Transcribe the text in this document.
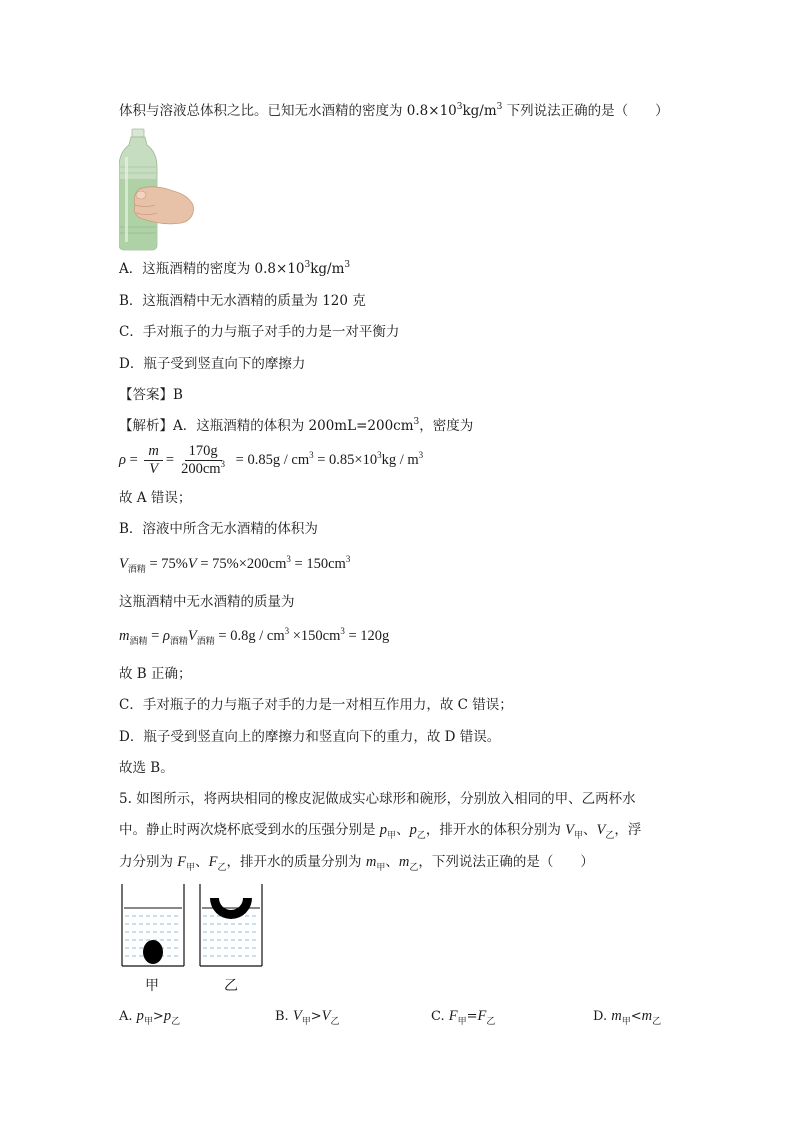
体积与溶液总体积之比。已知无水酒精的密度为 $0.8\times 10^3kg/m^3$ 下列说法正确的是（　　）
A．这瓶酒精的密度为 $0.8\times 10^3kg/m^3$
B．这瓶酒精中无水酒精的质量为 120 克
C．手对瓶子的力与瓶子对手的力是一对平衡力
D．瓶子受到竖直向下的摩擦力
【答案】B
【解析】A．这瓶酒精的体积为 $200mL=200cm^3$，密度为
$\rho = \frac{m}{V} = \frac{170g}{200cm^3} = 0.85g / cm^3 = 0.85\times 10^3kg / m^3$
故 A 错误；
B．溶液中所含无水酒精的体积为
$V_{酒精} = 75\%V = 75\%\times 200cm^3 = 150cm^3$
这瓶酒精中无水酒精的质量为
$m_{酒精} = \rho_{酒精}V_{酒精} = 0.8g / cm^3 \times 150cm^3 = 120g$
故 B 正确；
C．手对瓶子的力与瓶子对手的力是一对相互作用力，故 C 错误；
D．瓶子受到竖直向上的摩擦力和竖直向下的重力，故 D 错误。
故选 B。
5. 如图所示，将两块相同的橡皮泥做成实心球形和碗形，分别放入相同的甲、乙两杯水
中。静止时两次烧杯底受到水的压强分别是 $p_甲$、$p_乙$，排开水的体积分别为 $V_甲$、$V_乙$，浮
力分别为 $F_甲$、$F_乙$，排开水的质量分别为 $m_甲$、$m_乙$，下列说法正确的是（　　）
甲	乙
A. $p_甲>p_乙$	B. $V_甲>V_乙$	C. $F_甲=F_乙$	D. $m_甲<m_乙$
